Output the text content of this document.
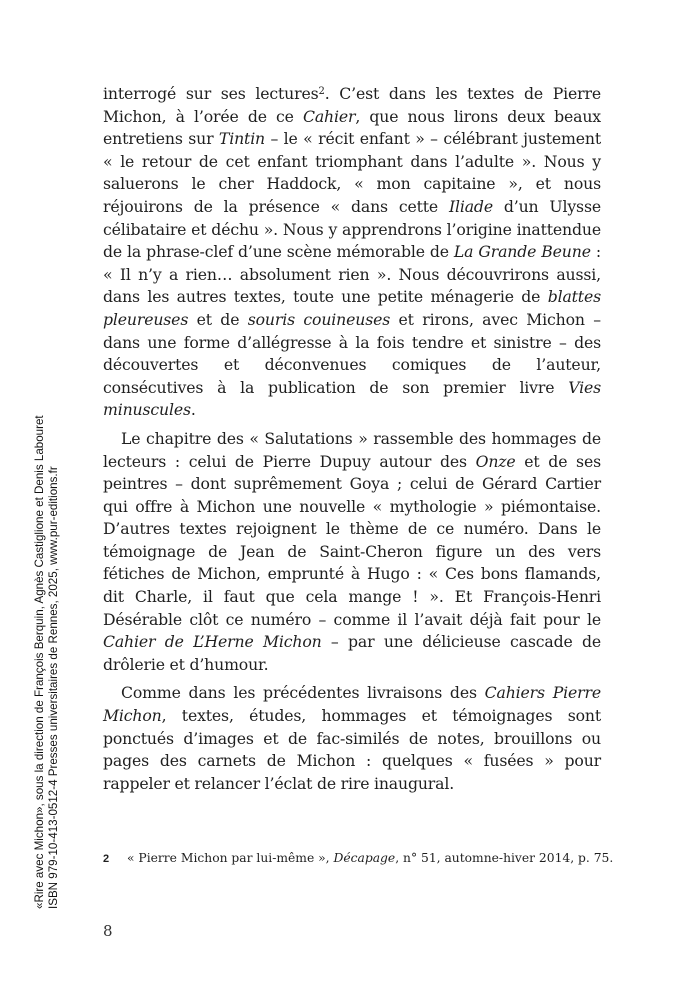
interrogé sur ses lectures$^2$. C’est dans les textes de Pierre Michon, à l’orée de ce Cahier, que nous lirons deux beaux entretiens sur Tintin – le « récit enfant » – célébrant justement « le retour de cet enfant triomphant dans l’adulte ». Nous y saluerons le cher Haddock, « mon capitaine », et nous réjouirons de la présence « dans cette Iliade d’un Ulysse célibataire et déchu ». Nous y apprendrons l’origine inattendue de la phrase-clef d’une scène mémorable de La Grande Beune : « Il n’y a rien… absolument rien ». Nous découvrirons aussi, dans les autres textes, toute une petite ménagerie de blattes pleureuses et de souris couineuses et rirons, avec Michon – dans une forme d’allégresse à la fois tendre et sinistre – des découvertes et déconvenues comiques de l’auteur, consécutives à la publication de son premier livre Vies minuscules.

Le chapitre des « Salutations » rassemble des hommages de lecteurs : celui de Pierre Dupuy autour des Onze et de ses peintres – dont suprêmement Goya ; celui de Gérard Cartier qui offre à Michon une nouvelle « mythologie » piémontaise. D’autres textes rejoignent le thème de ce numéro. Dans le témoignage de Jean de Saint-Cheron figure un des vers fétiches de Michon, emprunté à Hugo : « Ces bons flamands, dit Charle, il faut que cela mange ! ». Et François-Henri Désérable clôt ce numéro – comme il l’avait déjà fait pour le Cahier de L’Herne Michon – par une délicieuse cascade de drôlerie et d’humour.

Comme dans les précédentes livraisons des Cahiers Pierre Michon, textes, études, hommages et témoignages sont ponctués d’images et de fac-similés de notes, brouillons ou pages des carnets de Michon : quelques « fusées » pour rappeler et relancer l’éclat de rire inaugural.

2 « Pierre Michon par lui-même », Décapage, n° 51, automne-hiver 2014, p. 75.
8
«Rire avec Michon», sous la direction de François Berquin, Agnès Castiglione et Denis Labouret ISBN 979-10-413-0512-4 Presses universitaires de Rennes, 2025, www.pur-editions.fr
